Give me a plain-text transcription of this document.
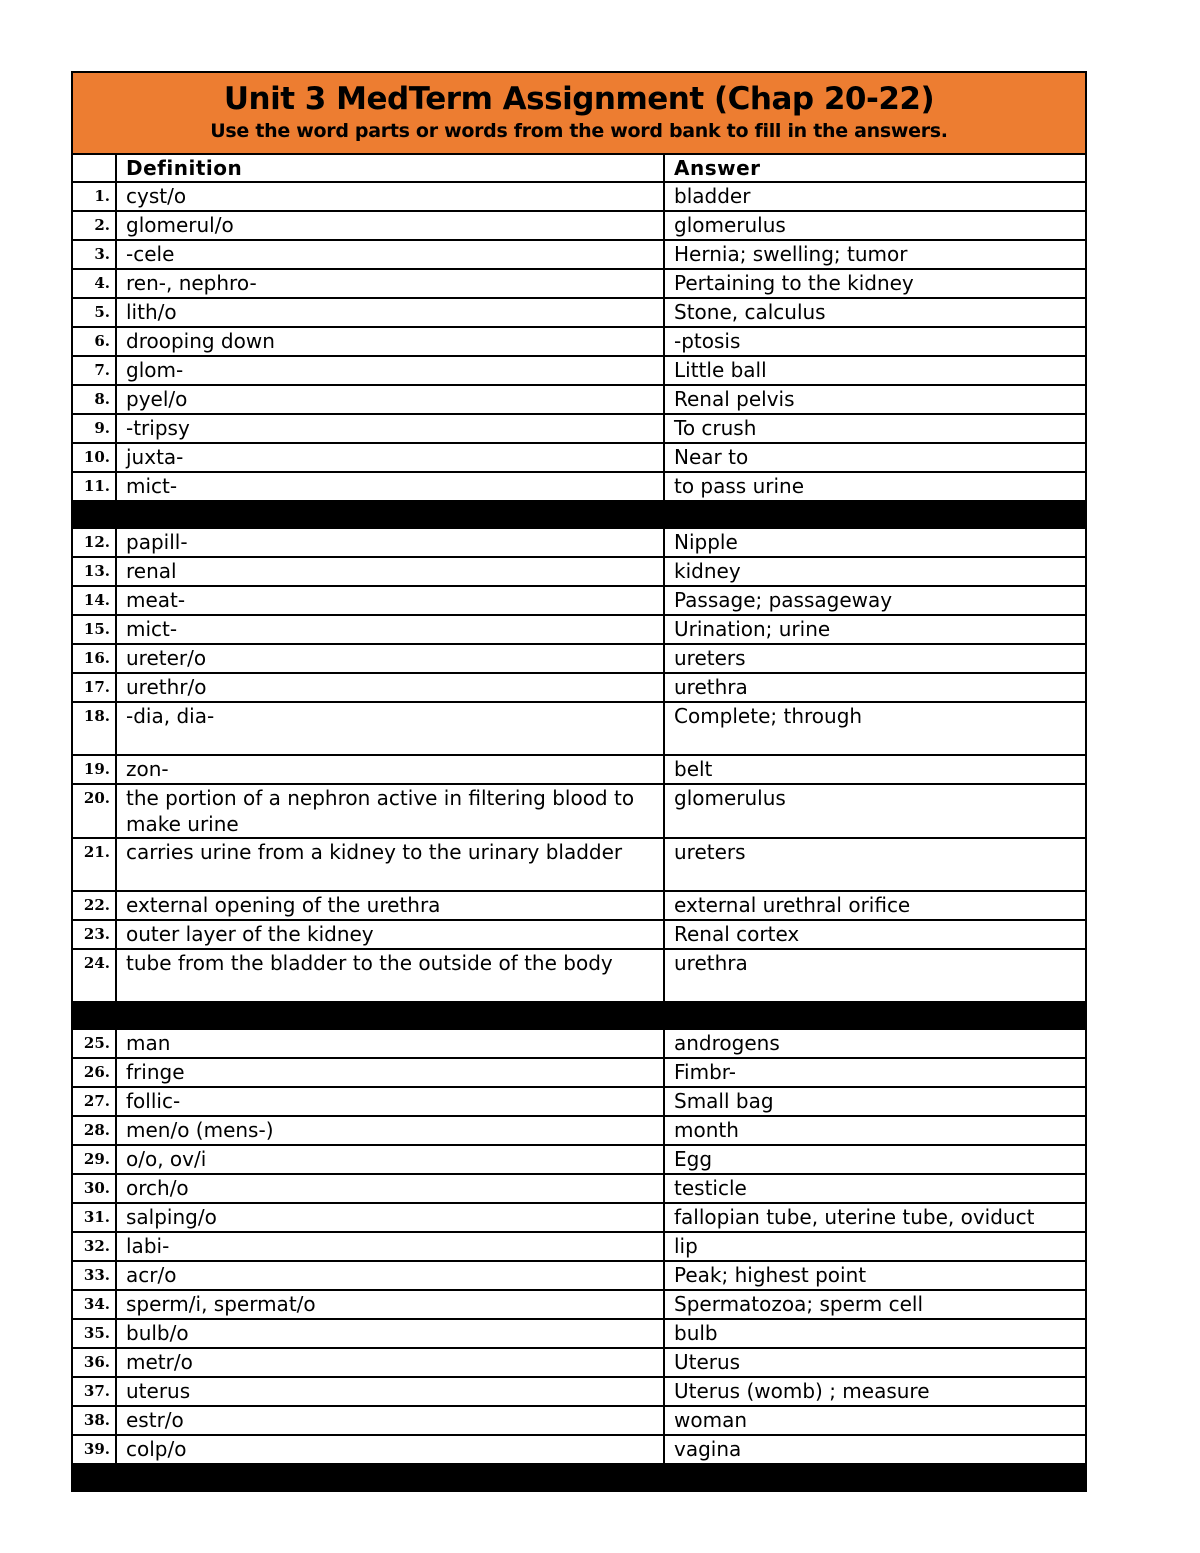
Unit 3 MedTerm Assignment (Chap 20-22)
Use the word parts or words from the word bank to fill in the answers.
	Definition	Answer
1.	cyst/o	bladder
2.	glomerul/o	glomerulus
3.	-cele	Hernia; swelling; tumor
4.	ren-, nephro-	Pertaining to the kidney
5.	lith/o	Stone, calculus
6.	drooping down	-ptosis
7.	glom-	Little ball
8.	pyel/o	Renal pelvis
9.	-tripsy	To crush
10.	juxta-	Near to
11.	mict-	to pass urine

12.	papill-	Nipple
13.	renal	kidney
14.	meat-	Passage; passageway
15.	mict-	Urination; urine
16.	ureter/o	ureters
17.	urethr/o	urethra
18.	-dia, dia-	Complete; through
19.	zon-	belt
20.	the portion of a nephron active in filtering blood to make urine	glomerulus
21.	carries urine from a kidney to the urinary bladder	ureters
22.	external opening of the urethra	external urethral orifice
23.	outer layer of the kidney	Renal cortex
24.	tube from the bladder to the outside of the body	urethra

25.	man	androgens
26.	fringe	Fimbr-
27.	follic-	Small bag
28.	men/o (mens-)	month
29.	o/o, ov/i	Egg
30.	orch/o	testicle
31.	salping/o	fallopian tube, uterine tube, oviduct
32.	labi-	lip
33.	acr/o	Peak; highest point
34.	sperm/i, spermat/o	Spermatozoa; sperm cell
35.	bulb/o	bulb
36.	metr/o	Uterus
37.	uterus	Uterus (womb) ; measure
38.	estr/o	woman
39.	colp/o	vagina
